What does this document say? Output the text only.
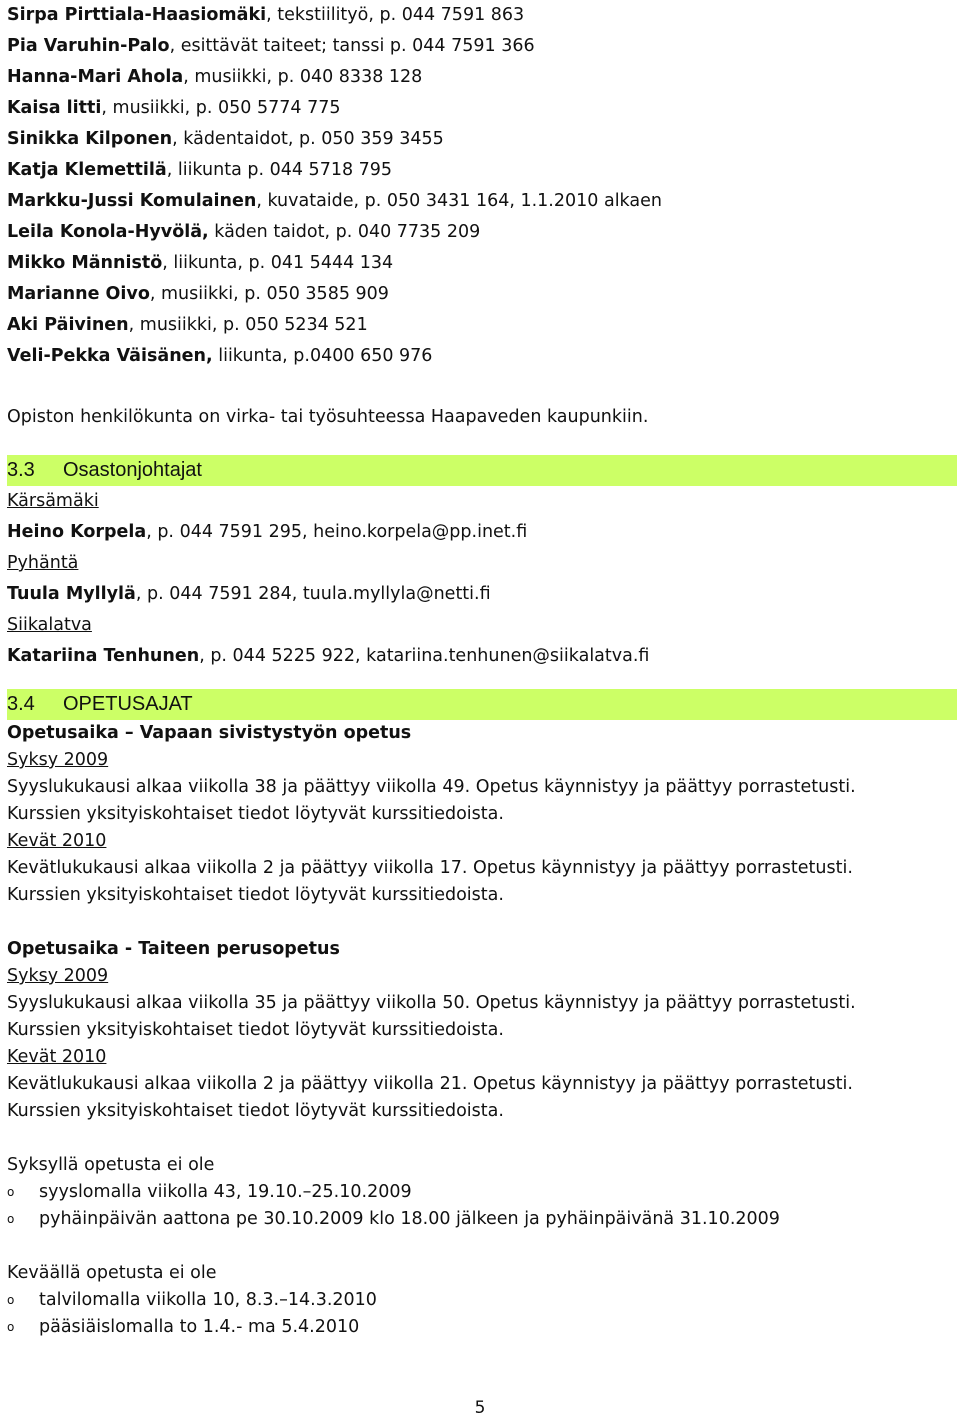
Sirpa Pirttiala-Haasiomäki, tekstiilityö, p. 044 7591 863
Pia Varuhin-Palo, esittävät taiteet; tanssi p. 044 7591 366
Hanna-Mari Ahola, musiikki, p. 040 8338 128
Kaisa litti, musiikki, p. 050 5774 775
Sinikka Kilponen, kädentaidot, p. 050 359 3455
Katja Klemettilä, liikunta p. 044 5718 795
Markku-Jussi Komulainen, kuvataide, p. 050 3431 164, 1.1.2010 alkaen
Leila Konola-Hyvölä, käden taidot, p. 040 7735 209
Mikko Männistö, liikunta, p. 041 5444 134
Marianne Oivo, musiikki, p. 050 3585 909
Aki Päivinen, musiikki, p. 050 5234 521
Veli-Pekka Väisänen, liikunta, p.0400 650 976
Opiston henkilökunta on virka- tai työsuhteessa Haapaveden kaupunkiin.
3.3 Osastonjohtajat
Kärsämäki
Heino Korpela, p. 044 7591 295, heino.korpela@pp.inet.fi
Pyhäntä
Tuula Myllylä, p. 044 7591 284, tuula.myllyla@netti.fi
Siikalatva
Katariina Tenhunen, p. 044 5225 922, katariina.tenhunen@siikalatva.fi
3.4 OPETUSAJAT
Opetusaika – Vapaan sivistystyön opetus
Syksy 2009
Syyslukukausi alkaa viikolla 38 ja päättyy viikolla 49. Opetus käynnistyy ja päättyy porrastetusti.
Kurssien yksityiskohtaiset tiedot löytyvät kurssitiedoista.
Kevät 2010
Kevätlukukausi alkaa viikolla 2 ja päättyy viikolla 17. Opetus käynnistyy ja päättyy porrastetusti.
Kurssien yksityiskohtaiset tiedot löytyvät kurssitiedoista.
Opetusaika - Taiteen perusopetus
Syksy 2009
Syyslukukausi alkaa viikolla 35 ja päättyy viikolla 50. Opetus käynnistyy ja päättyy porrastetusti.
Kurssien yksityiskohtaiset tiedot löytyvät kurssitiedoista.
Kevät 2010
Kevätlukukausi alkaa viikolla 2 ja päättyy viikolla 21. Opetus käynnistyy ja päättyy porrastetusti.
Kurssien yksityiskohtaiset tiedot löytyvät kurssitiedoista.
Syksyllä opetusta ei ole
o syyslomalla viikolla 43, 19.10.–25.10.2009
o pyhäinpäivän aattona pe 30.10.2009 klo 18.00 jälkeen ja pyhäinpäivänä 31.10.2009
Keväällä opetusta ei ole
o talvilomalla viikolla 10, 8.3.–14.3.2010
o pääsiäislomalla to 1.4.- ma 5.4.2010
5
